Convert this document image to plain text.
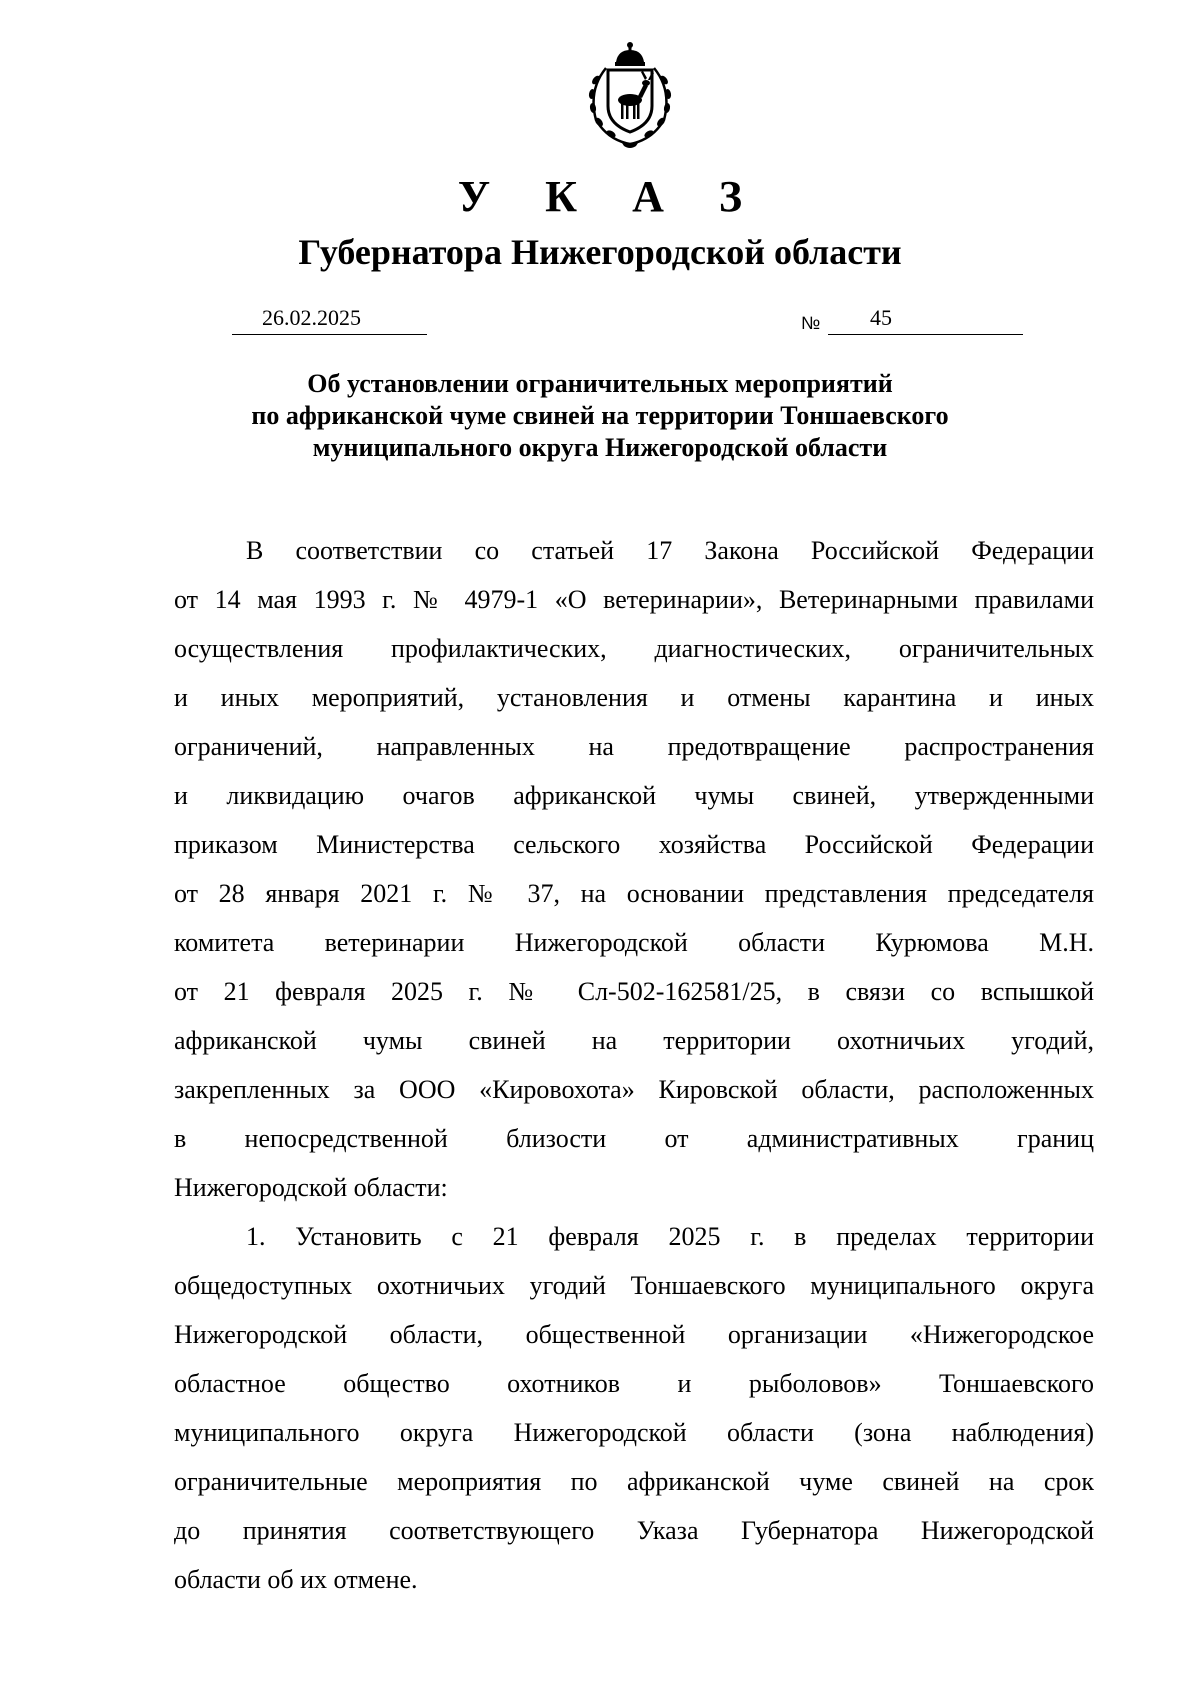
У К А З
Губернатора Нижегородской области
26.02.2025	№ 45
Об установлении ограничительных мероприятий
по африканской чуме свиней на территории Тоншаевского
муниципального округа Нижегородской области
В соответствии со статьей 17 Закона Российской Федерации
от 14 мая 1993 г. № 4979-1 «О ветеринарии», Ветеринарными правилами
осуществления профилактических, диагностических, ограничительных
и иных мероприятий, установления и отмены карантина и иных
ограничений, направленных на предотвращение распространения
и ликвидацию очагов африканской чумы свиней, утвержденными
приказом Министерства сельского хозяйства Российской Федерации
от 28 января 2021 г. № 37, на основании представления председателя
комитета ветеринарии Нижегородской области Курюмова М.Н.
от 21 февраля 2025 г. № Сл-502-162581/25, в связи со вспышкой
африканской чумы свиней на территории охотничьих угодий,
закрепленных за ООО «Кировохота» Кировской области, расположенных
в непосредственной близости от административных границ
Нижегородской области:
1. Установить с 21 февраля 2025 г. в пределах территории
общедоступных охотничьих угодий Тоншаевского муниципального округа
Нижегородской области, общественной организации «Нижегородское
областное общество охотников и рыболовов» Тоншаевского
муниципального округа Нижегородской области (зона наблюдения)
ограничительные мероприятия по африканской чуме свиней на срок
до принятия соответствующего Указа Губернатора Нижегородской
области об их отмене.
